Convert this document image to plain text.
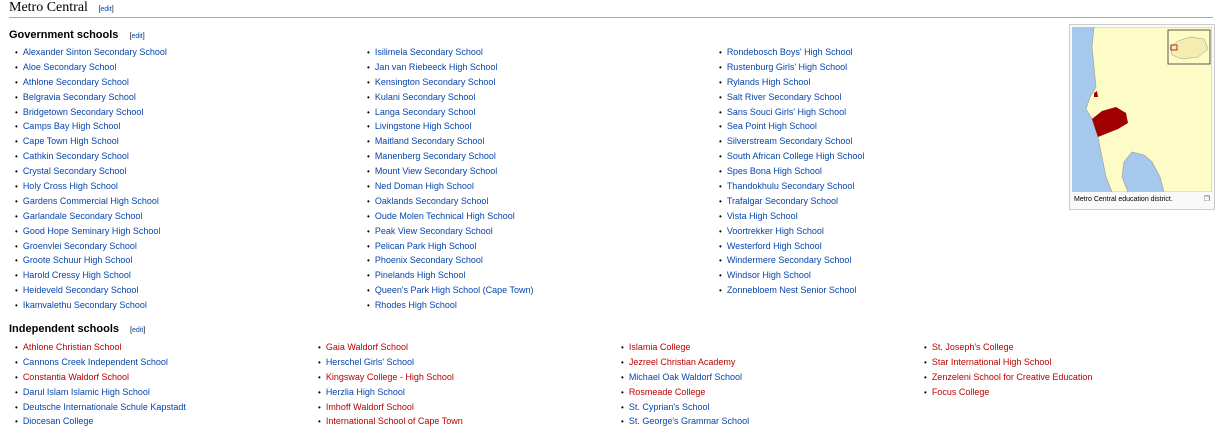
Metro Central [edit]
Government schools [edit]
• Alexander Sinton Secondary School
• Aloe Secondary School
• Athlone Secondary School
• Belgravia Secondary School
• Bridgetown Secondary School
• Camps Bay High School
• Cape Town High School
• Cathkin Secondary School
• Crystal Secondary School
• Holy Cross High School
• Gardens Commercial High School
• Garlandale Secondary School
• Good Hope Seminary High School
• Groenvlei Secondary School
• Groote Schuur High School
• Harold Cressy High School
• Heideveld Secondary School
• Ikamvalethu Secondary School
• Isilimela Secondary School
• Jan van Riebeeck High School
• Kensington Secondary School
• Kulani Secondary School
• Langa Secondary School
• Livingstone High School
• Maitland Secondary School
• Manenberg Secondary School
• Mount View Secondary School
• Ned Doman High School
• Oaklands Secondary School
• Oude Molen Technical High School
• Peak View Secondary School
• Pelican Park High School
• Phoenix Secondary School
• Pinelands High School
• Queen's Park High School (Cape Town)
• Rhodes High School
• Rondebosch Boys' High School
• Rustenburg Girls' High School
• Rylands High School
• Salt River Secondary School
• Sans Souci Girls' High School
• Sea Point High School
• Silverstream Secondary School
• South African College High School
• Spes Bona High School
• Thandokhulu Secondary School
• Trafalgar Secondary School
• Vista High School
• Voortrekker High School
• Westerford High School
• Windermere Secondary School
• Windsor High School
• Zonnebloem Nest Senior School
Independent schools [edit]
• Athlone Christian School
• Cannons Creek Independent School
• Constantia Waldorf School
• Darul Islam Islamic High School
• Deutsche Internationale Schule Kapstadt
• Diocesan College
• Gaia Waldorf School
• Herschel Girls' School
• Kingsway College - High School
• Herzlia High School
• Imhoff Waldorf School
• International School of Cape Town
• Islamia College
• Jezreel Christian Academy
• Michael Oak Waldorf School
• Rosmeade College
• St. Cyprian's School
• St. George's Grammar School
• St. Joseph's College
• Star International High School
• Zenzeleni School for Creative Education
• Focus College
Metro Central education district.	❐
